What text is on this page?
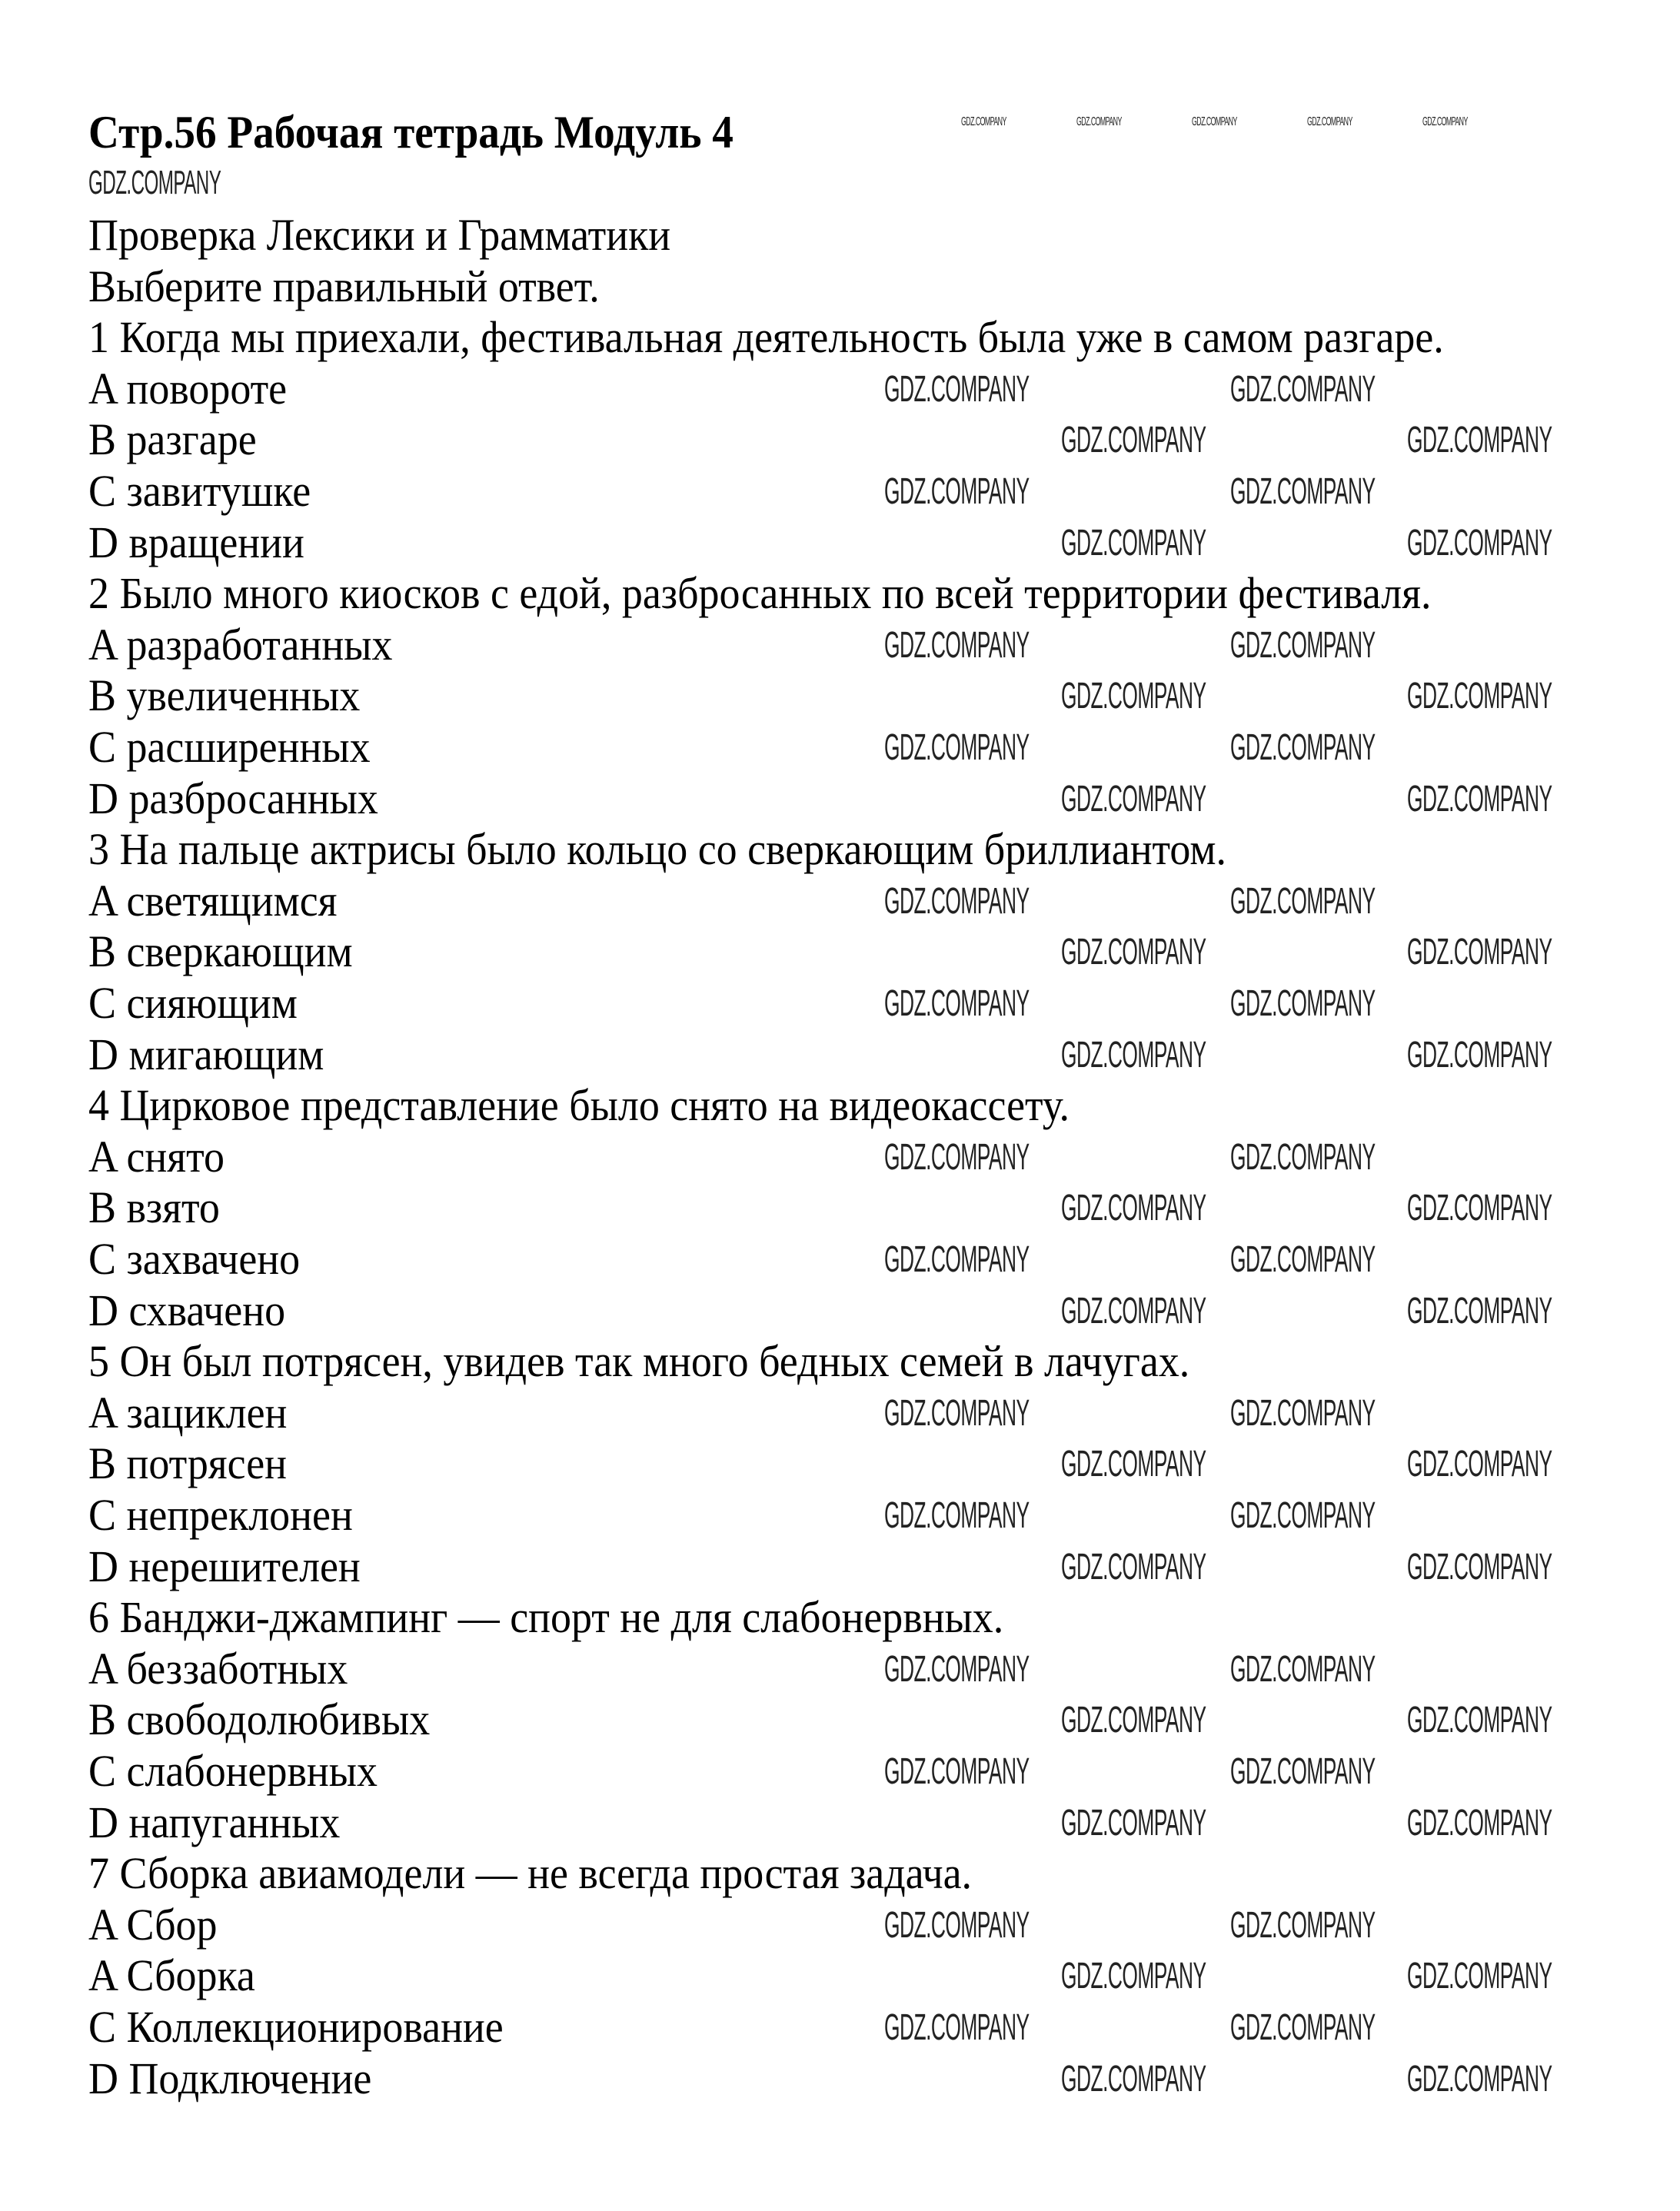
Стр.56 Рабочая тетрадь Модуль 4
Проверка Лексики и Грамматики
Выберите правильный ответ.
1 Когда мы приехали, фестивальная деятельность была уже в самом разгаре.
A повороте
B разгаре
C завитушке
D вращении
2 Было много киосков с едой, разбросанных по всей территории фестиваля.
A разработанных
B увеличенных
C расширенных
D разбросанных
3 На пальце актрисы было кольцо со сверкающим бриллиантом.
A светящимся
B сверкающим
C сияющим
D мигающим
4 Цирковое представление было снято на видеокассету.
A снято
B взято
C захвачено
D схвачено
5 Он был потрясен, увидев так много бедных семей в лачугах.
A зациклен
B потрясен
C непреклонен
D нерешителен
6 Банджи-джампинг — спорт не для слабонервных.
A беззаботных
B свободолюбивых
C слабонервных
D напуганных
7 Сборка авиамодели — не всегда простая задача.
A Сбор
A Сборка
C Коллекционирование
D Подключение
GDZ.COMPANY	GDZ.COMPANY
GDZ.COMPANY	GDZ.COMPANY
GDZ.COMPANY	GDZ.COMPANY
GDZ.COMPANY	GDZ.COMPANY
GDZ.COMPANY	GDZ.COMPANY
GDZ.COMPANY	GDZ.COMPANY
GDZ.COMPANY	GDZ.COMPANY
GDZ.COMPANY	GDZ.COMPANY
GDZ.COMPANY	GDZ.COMPANY
GDZ.COMPANY	GDZ.COMPANY
GDZ.COMPANY	GDZ.COMPANY
GDZ.COMPANY	GDZ.COMPANY
GDZ.COMPANY	GDZ.COMPANY
GDZ.COMPANY	GDZ.COMPANY
GDZ.COMPANY	GDZ.COMPANY
GDZ.COMPANY	GDZ.COMPANY
GDZ.COMPANY	GDZ.COMPANY
GDZ.COMPANY	GDZ.COMPANY
GDZ.COMPANY	GDZ.COMPANY
GDZ.COMPANY	GDZ.COMPANY
GDZ.COMPANY	GDZ.COMPANY
GDZ.COMPANY	GDZ.COMPANY
GDZ.COMPANY	GDZ.COMPANY
GDZ.COMPANY	GDZ.COMPANY
GDZ.COMPANY	GDZ.COMPANY
GDZ.COMPANY	GDZ.COMPANY
GDZ.COMPANY	GDZ.COMPANY
GDZ.COMPANY	GDZ.COMPANY
GDZ.COMPANY	GDZ.COMPANY	GDZ.COMPANY	GDZ.COMPANY	GDZ.COMPANY
GDZ.COMPANY
